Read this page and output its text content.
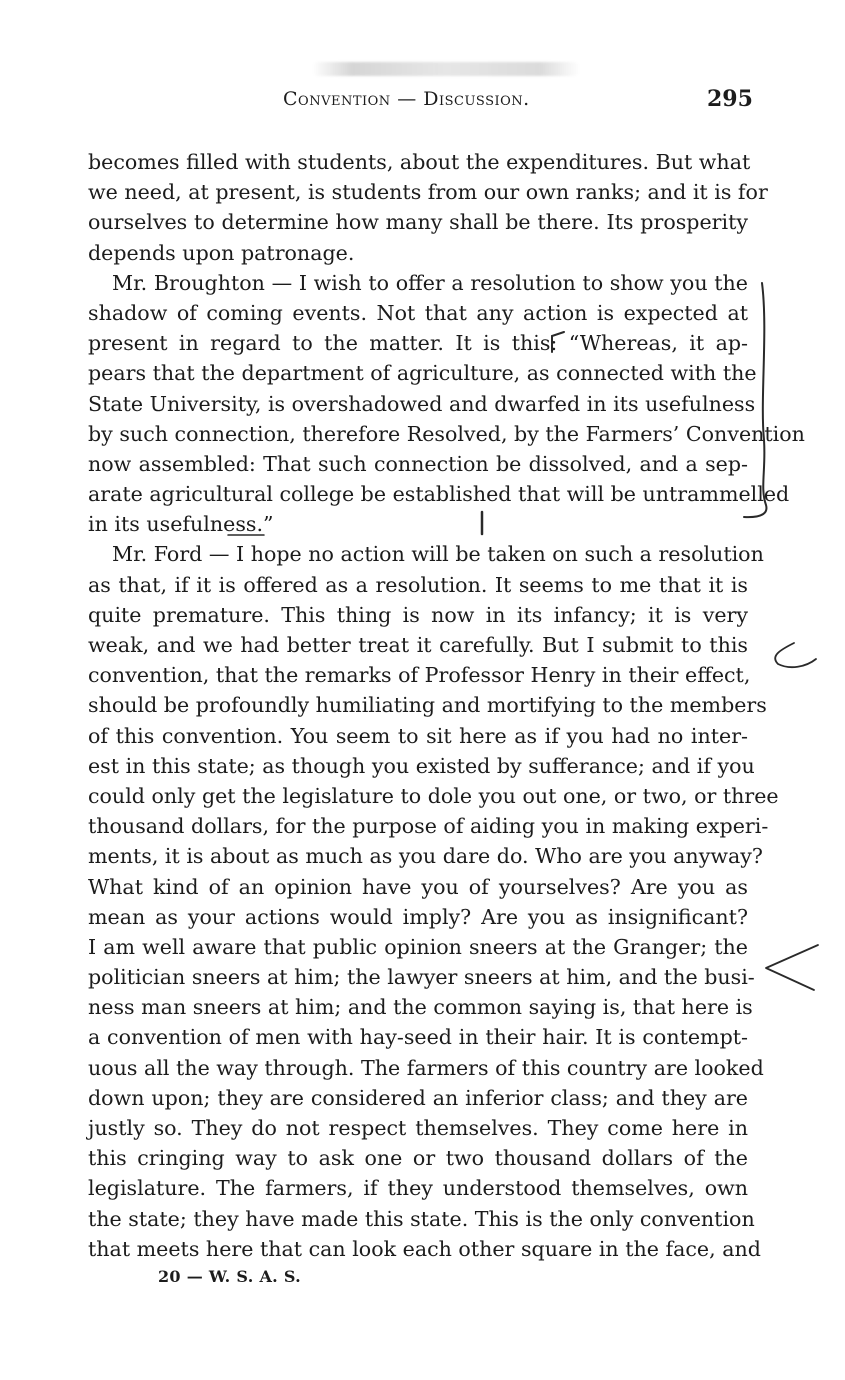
Convention — Discussion.	295
becomes filled with students, about the expenditures. But what
we need, at present, is students from our own ranks; and it is for
ourselves to determine how many shall be there. Its prosperity
depends upon patronage.
Mr. Broughton — I wish to offer a resolution to show you the
shadow of coming events. Not that any action is expected at
present in regard to the matter. It is this: “Whereas, it ap-
pears that the department of agriculture, as connected with the
State University, is overshadowed and dwarfed in its usefulness
by such connection, therefore Resolved, by the Farmers’ Convention
now assembled: That such connection be dissolved, and a sep-
arate agricultural college be established that will be untrammelled
in its usefulness.”
Mr. Ford — I hope no action will be taken on such a resolution
as that, if it is offered as a resolution. It seems to me that it is
quite premature. This thing is now in its infancy; it is very
weak, and we had better treat it carefully. But I submit to this
convention, that the remarks of Professor Henry in their effect,
should be profoundly humiliating and mortifying to the members
of this convention. You seem to sit here as if you had no inter-
est in this state; as though you existed by sufferance; and if you
could only get the legislature to dole you out one, or two, or three
thousand dollars, for the purpose of aiding you in making experi-
ments, it is about as much as you dare do. Who are you anyway?
What kind of an opinion have you of yourselves? Are you as
mean as your actions would imply? Are you as insignificant?
I am well aware that public opinion sneers at the Granger; the
politician sneers at him; the lawyer sneers at him, and the busi-
ness man sneers at him; and the common saying is, that here is
a convention of men with hay-seed in their hair. It is contempt-
uous all the way through. The farmers of this country are looked
down upon; they are considered an inferior class; and they are
justly so. They do not respect themselves. They come here in
this cringing way to ask one or two thousand dollars of the
legislature. The farmers, if they understood themselves, own
the state; they have made this state. This is the only convention
that meets here that can look each other square in the face, and
20 — W. S. A. S.
